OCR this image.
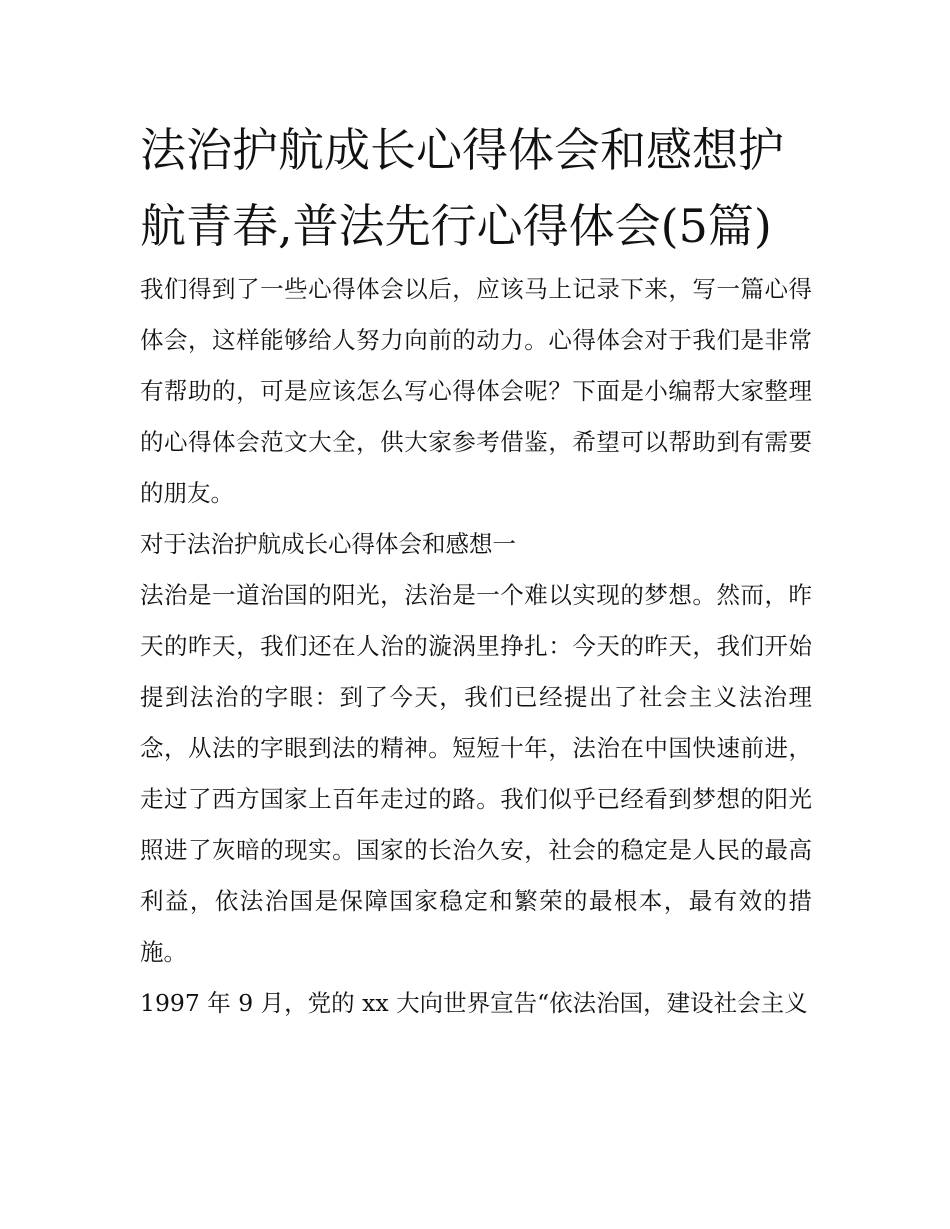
法治护航成长心得体会和感想护航青春,普法先行心得体会(5篇)

我们得到了一些心得体会以后，应该马上记录下来，写一篇心得体会，这样能够给人努力向前的动力。心得体会对于我们是非常有帮助的，可是应该怎么写心得体会呢？下面是小编帮大家整理的心得体会范文大全，供大家参考借鉴，希望可以帮助到有需要的朋友。

对于法治护航成长心得体会和感想一

法治是一道治国的阳光，法治是一个难以实现的梦想。然而，昨天的昨天，我们还在人治的漩涡里挣扎：今天的昨天，我们开始提到法治的字眼：到了今天，我们已经提出了社会主义法治理念，从法的字眼到法的精神。短短十年，法治在中国快速前进，走过了西方国家上百年走过的路。我们似乎已经看到梦想的阳光照进了灰暗的现实。国家的长治久安，社会的稳定是人民的最高利益，依法治国是保障国家稳定和繁荣的最根本，最有效的措施。

1997 年 9 月，党的 xx 大向世界宣告“依法治国，建设社会主义
